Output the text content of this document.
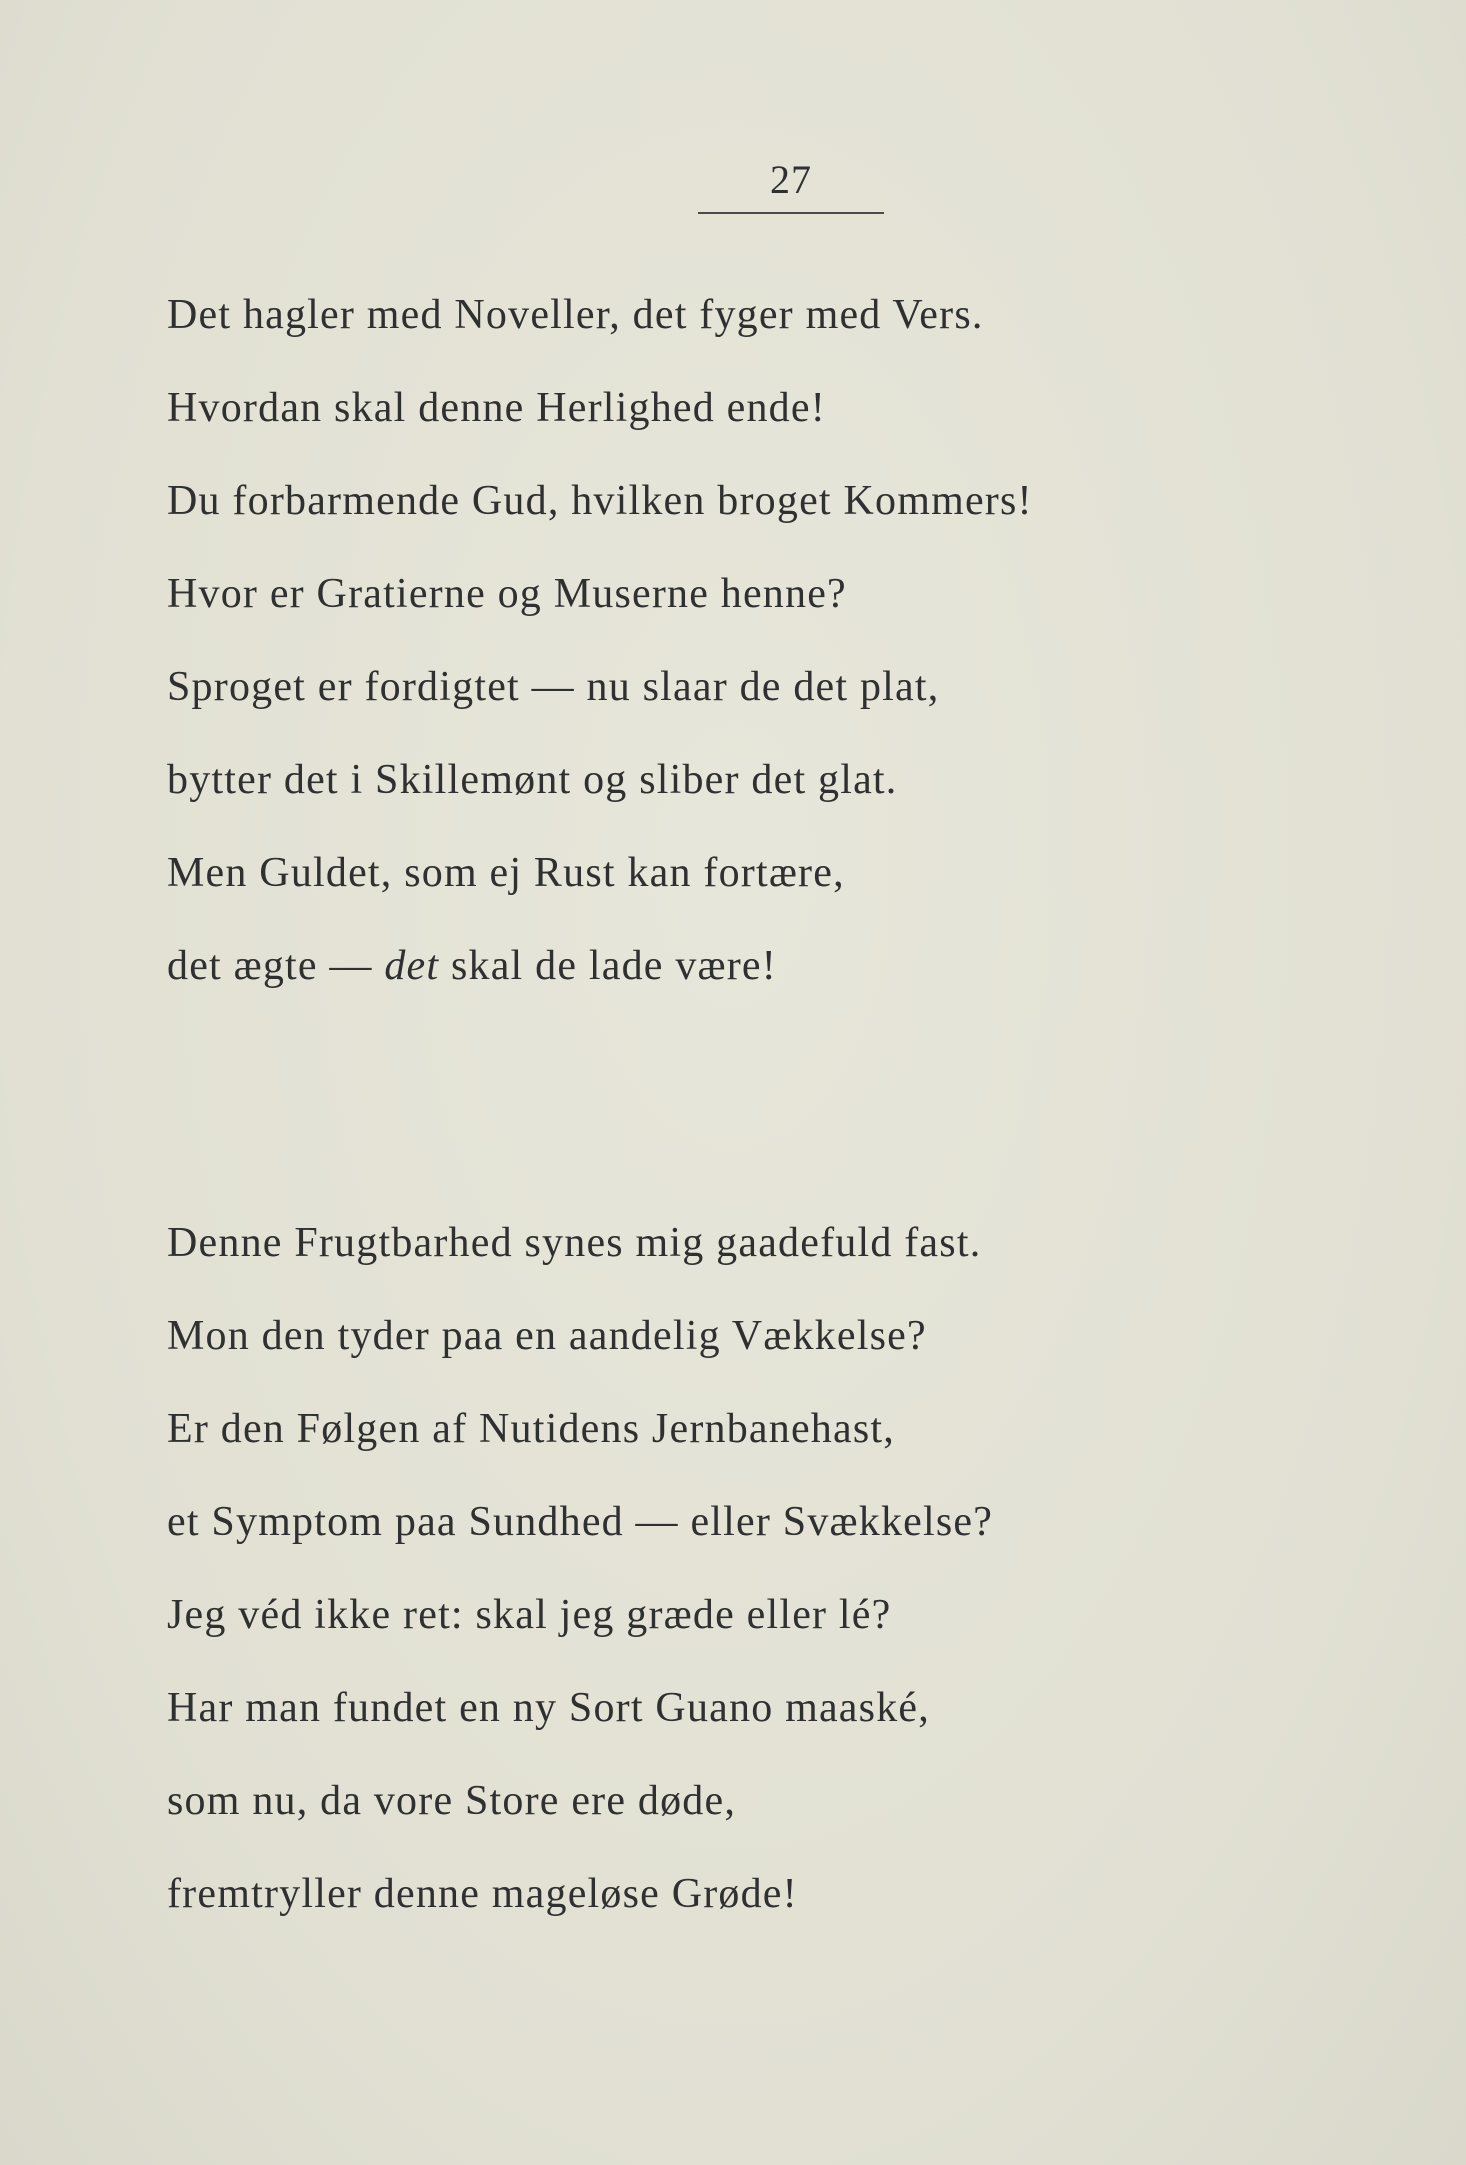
27
Det hagler med Noveller, det fyger med Vers.
Hvordan skal denne Herlighed ende!
Du forbarmende Gud, hvilken broget Kommers!
Hvor er Gratierne og Muserne henne?
Sproget er fordigtet — nu slaar de det plat,
bytter det i Skillemønt og sliber det glat.
Men Guldet, som ej Rust kan fortære,
det ægte — det skal de lade være!
Denne Frugtbarhed synes mig gaadefuld fast.
Mon den tyder paa en aandelig Vækkelse?
Er den Følgen af Nutidens Jernbanehast,
et Symptom paa Sundhed — eller Svækkelse?
Jeg véd ikke ret: skal jeg græde eller lé?
Har man fundet en ny Sort Guano maaské,
som nu, da vore Store ere døde,
fremtryller denne mageløse Grøde!
